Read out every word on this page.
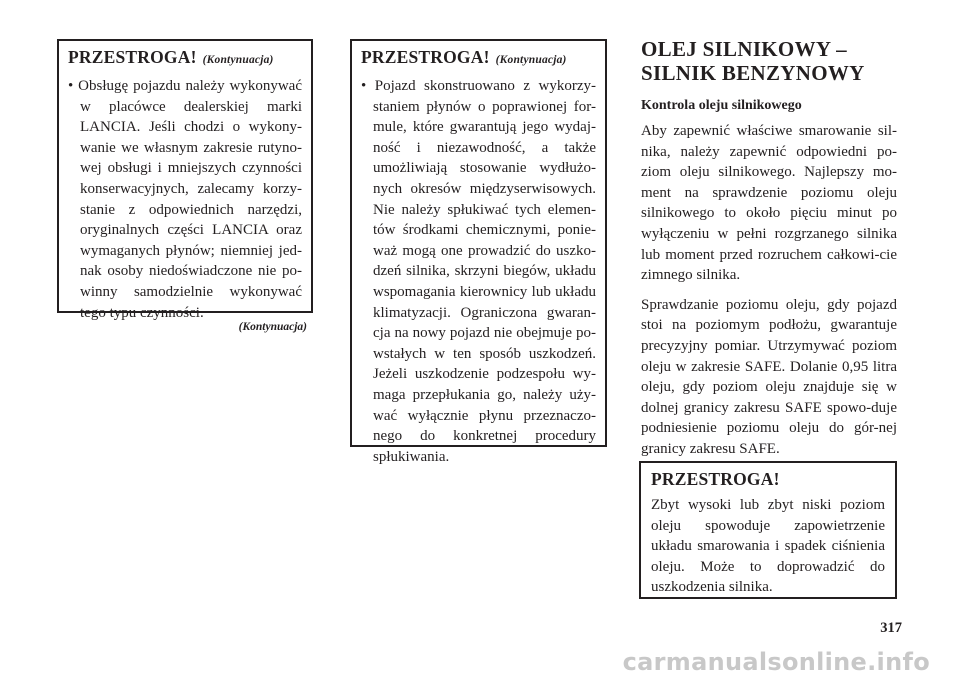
PRZESTROGA! (Kontynuacja)
• Obsługę pojazdu należy wykonywać w placówce dealerskiej marki LANCIA. Jeśli chodzi o wykony-wanie we własnym zakresie rutyno-wej obsługi i mniejszych czynności konserwacyjnych, zalecamy korzy-stanie z odpowiednich narzędzi, oryginalnych części LANCIA oraz wymaganych płynów; niemniej jed-nak osoby niedoświadczone nie po-winny samodzielnie wykonywać tego typu czynności.
(Kontynuacja)
PRZESTROGA! (Kontynuacja)
• Pojazd skonstruowano z wykorzy-staniem płynów o poprawionej for-mule, które gwarantują jego wydaj-ność i niezawodność, a także umożliwiają stosowanie wydłużo-nych okresów międzyserwisowych. Nie należy spłukiwać tych elemen-tów środkami chemicznymi, ponie-waż mogą one prowadzić do uszko-dzeń silnika, skrzyni biegów, układu wspomagania kierownicy lub układu klimatyzacji. Ograniczona gwaran-cja na nowy pojazd nie obejmuje po-wstałych w ten sposób uszkodzeń. Jeżeli uszkodzenie podzespołu wy-maga przepłukania go, należy uży-wać wyłącznie płynu przeznaczo-nego do konkretnej procedury spłukiwania.
OLEJ SILNIKOWY –
SILNIK BENZYNOWY
Kontrola oleju silnikowego

Aby zapewnić właściwe smarowanie sil-nika, należy zapewnić odpowiedni po-ziom oleju silnikowego. Najlepszy mo-ment na sprawdzenie poziomu oleju silnikowego to około pięciu minut po wyłączeniu w pełni rozgrzanego silnika lub moment przed rozruchem całkowi-cie zimnego silnika.

Sprawdzanie poziomu oleju, gdy pojazd stoi na poziomym podłożu, gwarantuje precyzyjny pomiar. Utrzymywać poziom oleju w zakresie SAFE. Dolanie 0,95 litra oleju, gdy poziom oleju znajduje się w dolnej granicy zakresu SAFE spowo-duje podniesienie poziomu oleju do gór-nej granicy zakresu SAFE.

PRZESTROGA!
Zbyt wysoki lub zbyt niski poziom oleju spowoduje zapowietrzenie układu smarowania i spadek ciśnienia oleju. Może to doprowadzić do uszkodzenia silnika.
317
carmanualsonline.info
